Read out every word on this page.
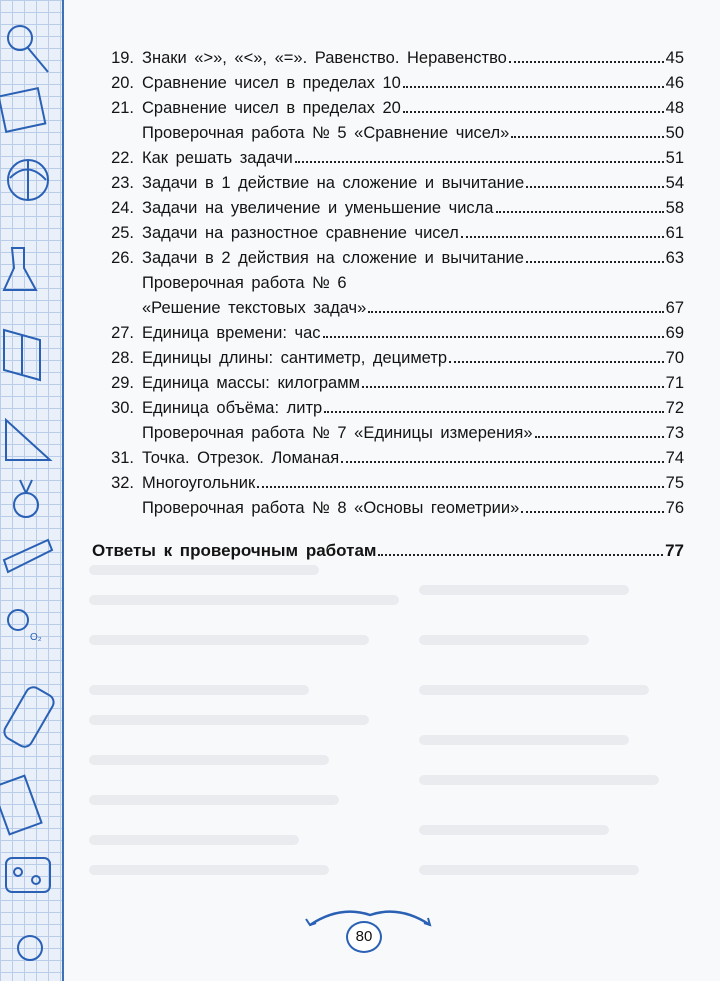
O₂
19. Знаки «>», «<», «=». Равенство. Неравенство	45
20. Сравнение чисел в пределах 10	46
21. Сравнение чисел в пределах 20	48
Проверочная работа № 5 «Сравнение чисел»	50
22. Как решать задачи	51
23. Задачи в 1 действие на сложение и вычитание	54
24. Задачи на увеличение и уменьшение числа	58
25. Задачи на разностное сравнение чисел	61
26. Задачи в 2 действия на сложение и вычитание	63
Проверочная работа № 6
«Решение текстовых задач»	67
27. Единица времени: час	69
28. Единицы длины: сантиметр, дециметр	70
29. Единица массы: килограмм	71
30. Единица объёма: литр	72
Проверочная работа № 7 «Единицы измерения»	73
31. Точка. Отрезок. Ломаная	74
32. Многоугольник	75
Проверочная работа № 8 «Основы геометрии»	76
Ответы к проверочным работам	77
80
